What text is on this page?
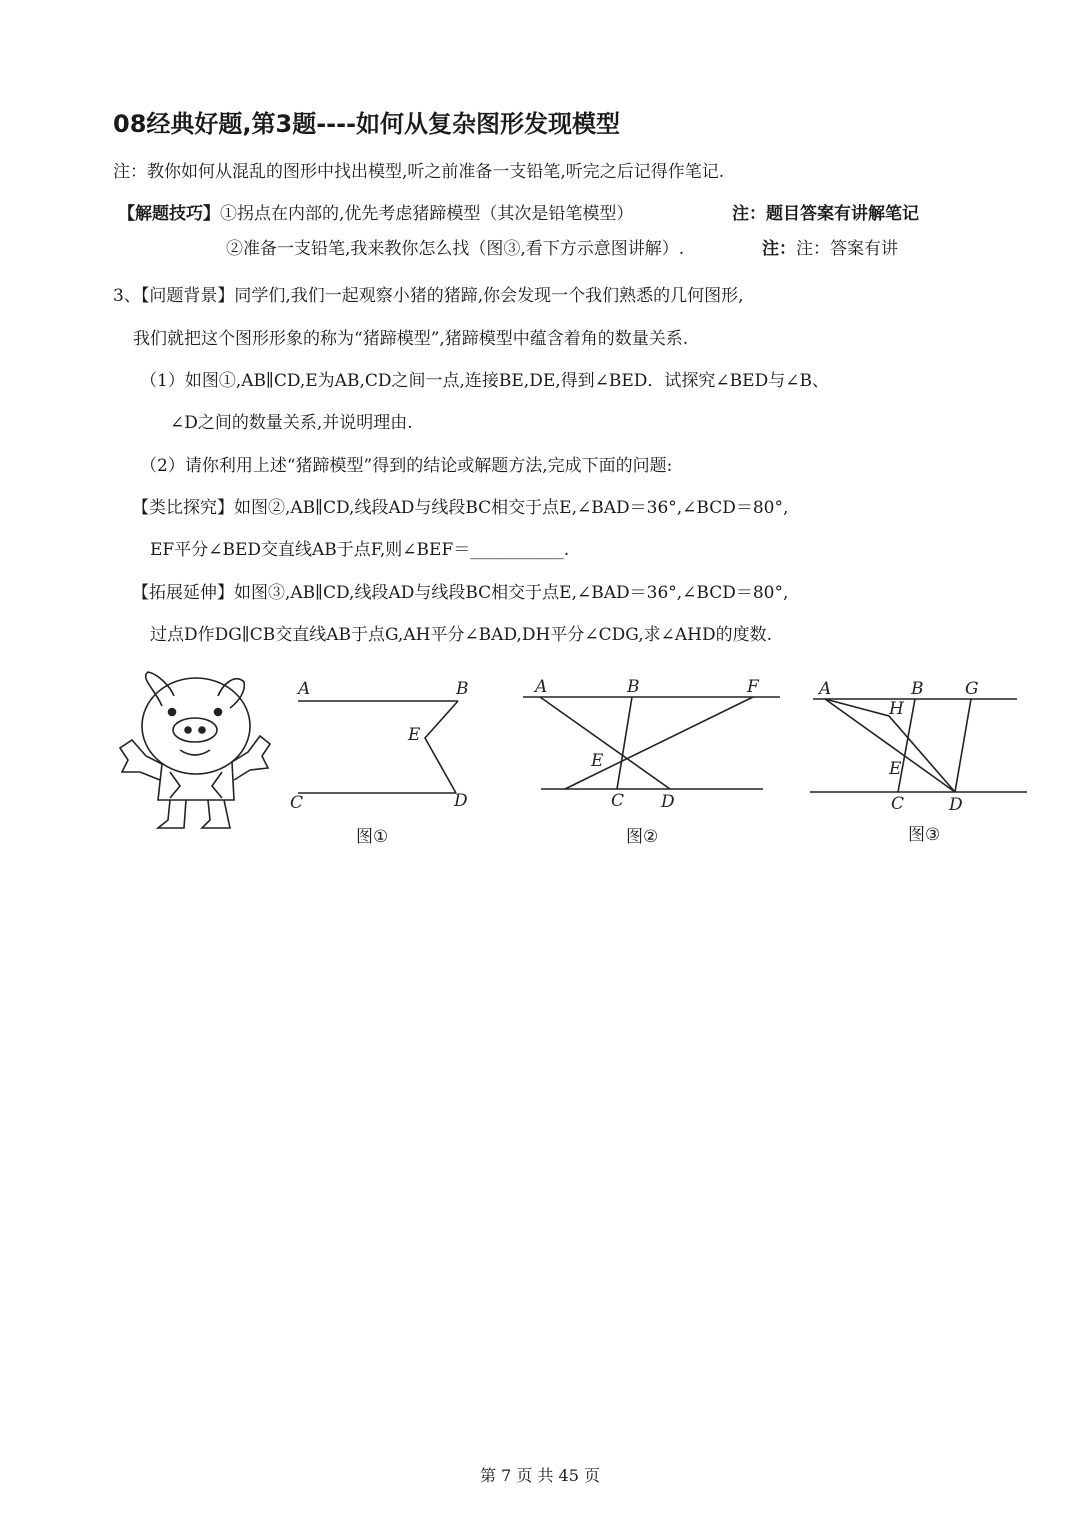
08经典好题,第3题----如何从复杂图形发现模型
注：教你如何从混乱的图形中找出模型,听之前准备一支铅笔,听完之后记得作笔记.
【解题技巧】①拐点在内部的,优先考虑猪蹄模型（其次是铅笔模型）	注：题目答案有讲解笔记
②准备一支铅笔,我来教你怎么找（图③,看下方示意图讲解）.	注：注：答案有讲
3、【问题背景】同学们,我们一起观察小猪的猪蹄,你会发现一个我们熟悉的几何图形,
我们就把这个图形形象的称为“猪蹄模型”,猪蹄模型中蕴含着角的数量关系.
（1）如图①,AB∥CD,E为AB,CD之间一点,连接BE,DE,得到∠BED．试探究∠BED与∠B、
∠D之间的数量关系,并说明理由.
（2）请你利用上述“猪蹄模型”得到的结论或解题方法,完成下面的问题:
【类比探究】如图②,AB∥CD,线段AD与线段BC相交于点E,∠BAD＝36°,∠BCD＝80°,
EF平分∠BED交直线AB于点F,则∠BEF＝___________.
【拓展延伸】如图③,AB∥CD,线段AD与线段BC相交于点E,∠BAD＝36°,∠BCD＝80°,
过点D作DG∥CB交直线AB于点G,AH平分∠BAD,DH平分∠CDG,求∠AHD的度数.
A	B
E
C	D
图①
A	B	F
E
C D
图②
A	B G
H
E
C	D
图③
第 7 页 共 45 页
